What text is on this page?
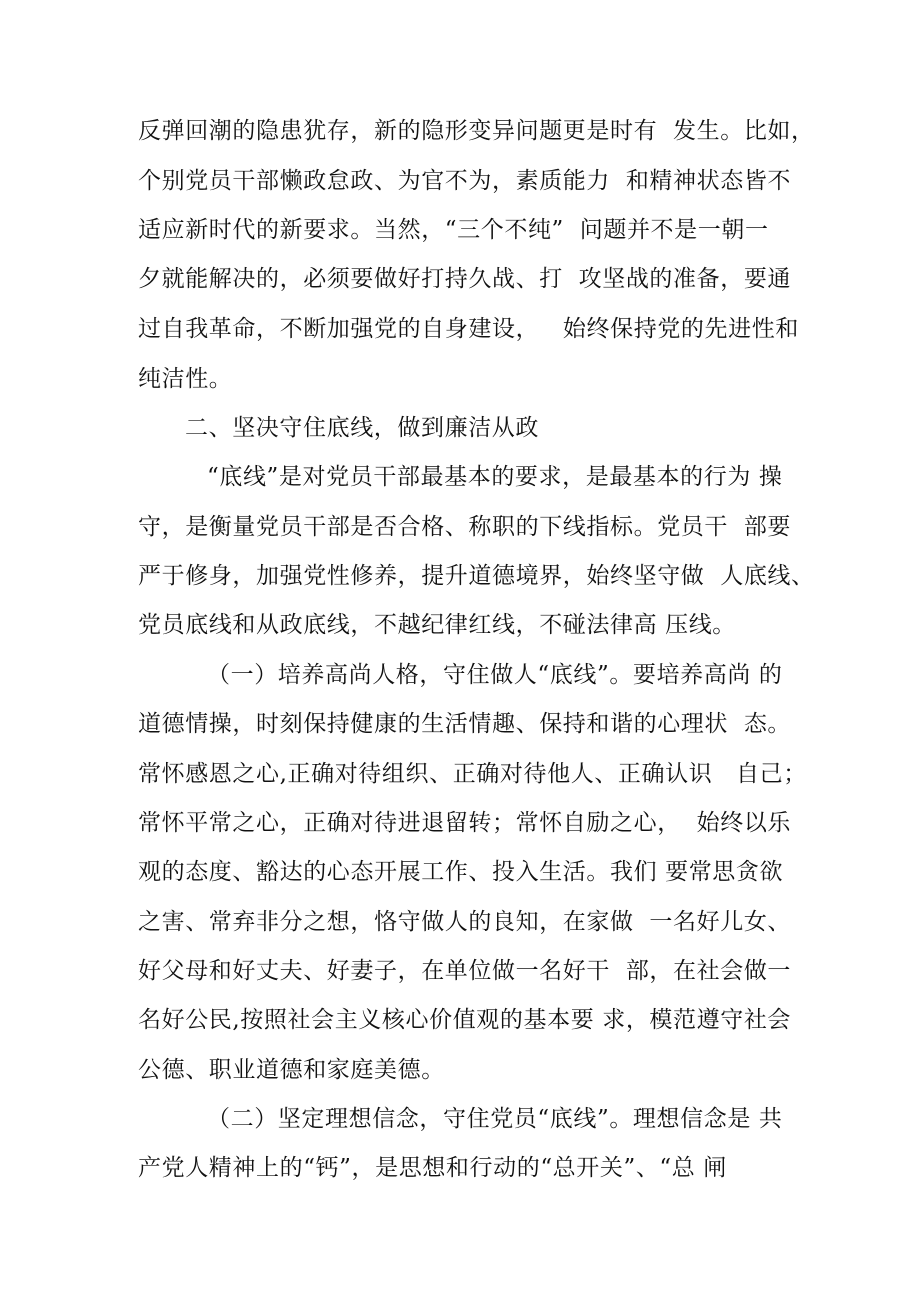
反弹回潮的隐患犹存，新的隐形变异问题更是时有  发生。比如，
个别党员干部懒政怠政、为官不为，素质能力  和精神状态皆不
适应新时代的新要求。当然，“三个不纯”  问题并不是一朝一
夕就能解决的，必须要做好打持久战、打  攻坚战的准备，要通
过自我革命，不断加强党的自身建设，   始终保持党的先进性和
纯洁性。
二、坚决守住底线，做到廉洁从政
“底线”是对党员干部最基本的要求，是最基本的行为 操
守，是衡量党员干部是否合格、称职的下线指标。党员干  部要
严于修身，加强党性修养，提升道德境界，始终坚守做  人底线、
党员底线和从政底线，不越纪律红线，不碰法律高 压线。
（一）培养高尚人格，守住做人“底线”。要培养高尚 的
道德情操，时刻保持健康的生活情趣、保持和谐的心理状  态。
常怀感恩之心,正确对待组织、正确对待他人、正确认识   自己；
常怀平常之心，正确对待进退留转；常怀自励之心，  始终以乐
观的态度、豁达的心态开展工作、投入生活。我们 要常思贪欲
之害、常弃非分之想，恪守做人的良知，在家做  一名好儿女、
好父母和好丈夫、好妻子，在单位做一名好干  部，在社会做一
名好公民,按照社会主义核心价值观的基本要 求，模范遵守社会
公德、职业道德和家庭美德。
（二）坚定理想信念，守住党员“底线”。理想信念是 共
产党人精神上的“钙”，是思想和行动的“总开关”、“总 闸
